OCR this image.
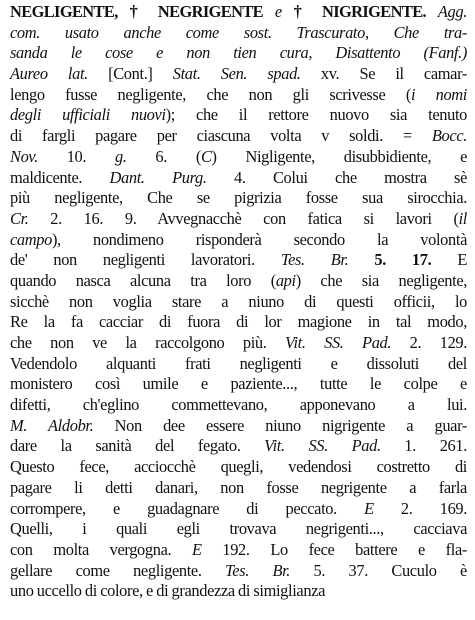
NEGLIGENTE, † NEGRIGENTE e † NIGRIGENTE. Agg.
com. usato anche come sost. Trascurato, Che tra-
sanda le cose e non tien cura, Disattento (Fanf.)
Aureo lat. [Cont.] Stat. Sen. spad. xv. Se il camar-
lengo fusse negligente, che non gli scrivesse (i nomi
degli ufficiali nuovi); che il rettore nuovo sia tenuto
di fargli pagare per ciascuna volta v soldi. = Bocc.
Nov. 10. g. 6. (C) Nigligente, disubbidiente, e
maldicente. Dant. Purg. 4. Colui che mostra sè
più negligente, Che se pigrizia fosse sua sirocchia.
Cr. 2. 16. 9. Avvegnacchè con fatica si lavori (il
campo), nondimeno risponderà secondo la volontà
de' non negligenti lavoratori. Tes. Br. 5. 17. E
quando nasca alcuna tra loro (api) che sia negligente,
sicchè non voglia stare a niuno di questi officii, lo
Re la fa cacciar di fuora di lor magione in tal modo,
che non ve la raccolgono più. Vit. SS. Pad. 2. 129.
Vedendolo alquanti frati negligenti e dissoluti del
monistero così umile e paziente..., tutte le colpe e
difetti, ch'eglino commettevano, apponevano a lui.
M. Aldobr. Non dee essere niuno nigrigente a guar-
dare la sanità del fegato. Vit. SS. Pad. 1. 261.
Questo fece, acciocchè quegli, vedendosi costretto di
pagare li detti danari, non fosse negrigente a farla
corrompere, e guadagnare di peccato. E 2. 169.
Quelli, i quali egli trovava negrigenti..., cacciava
con molta vergogna. E 192. Lo fece battere e fla-
gellare come negligente. Tes. Br. 5. 37. Cuculo è
uno uccello di colore, e di grandezza di simiglianza
